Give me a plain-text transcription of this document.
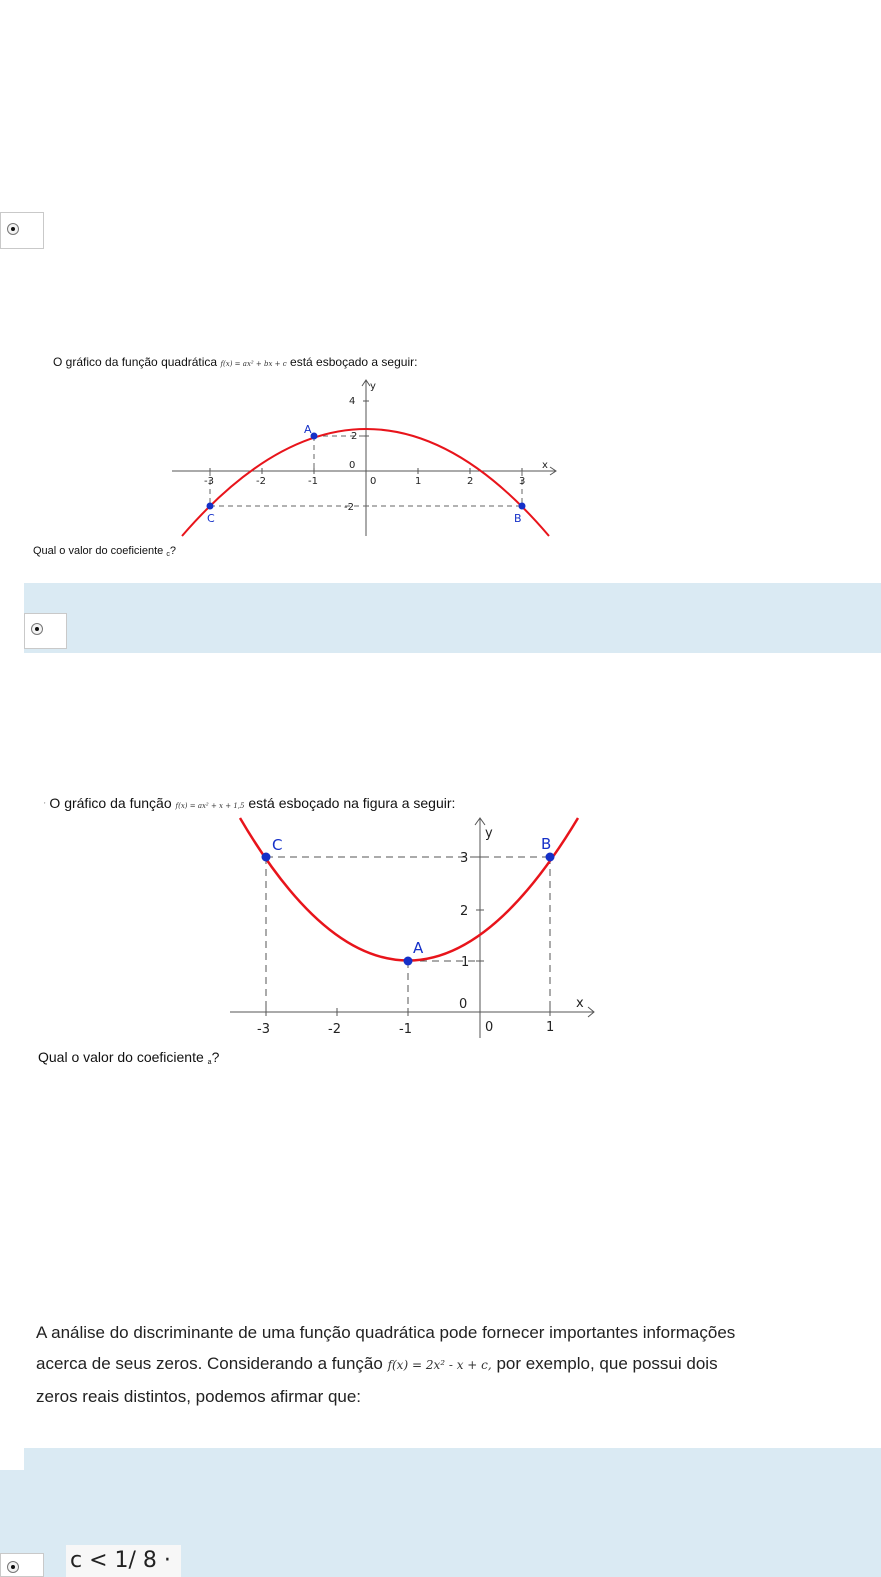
O gráfico da função quadrática f(x) = ax² + bx + c está esboçado a seguir:
-3	-2	-1	0	1	2	3
4
2
-2
0	x
y
A
B
C
Qual o valor do coeficiente $_c$?
' O gráfico da função f(x) = ax² + x + 1,5 está esboçado na figura a seguir:
-3	-2	-1	0	1
3
2
1
0	x
y
A
B
C
Qual o valor do coeficiente $_a$?
A análise do discriminante de uma função quadrática pode fornecer importantes informações
acerca de seus zeros. Considerando a função f(x) = 2x² - x + c, por exemplo, que possui dois
zeros reais distintos, podemos afirmar que:
c < 1/ 8 ·
